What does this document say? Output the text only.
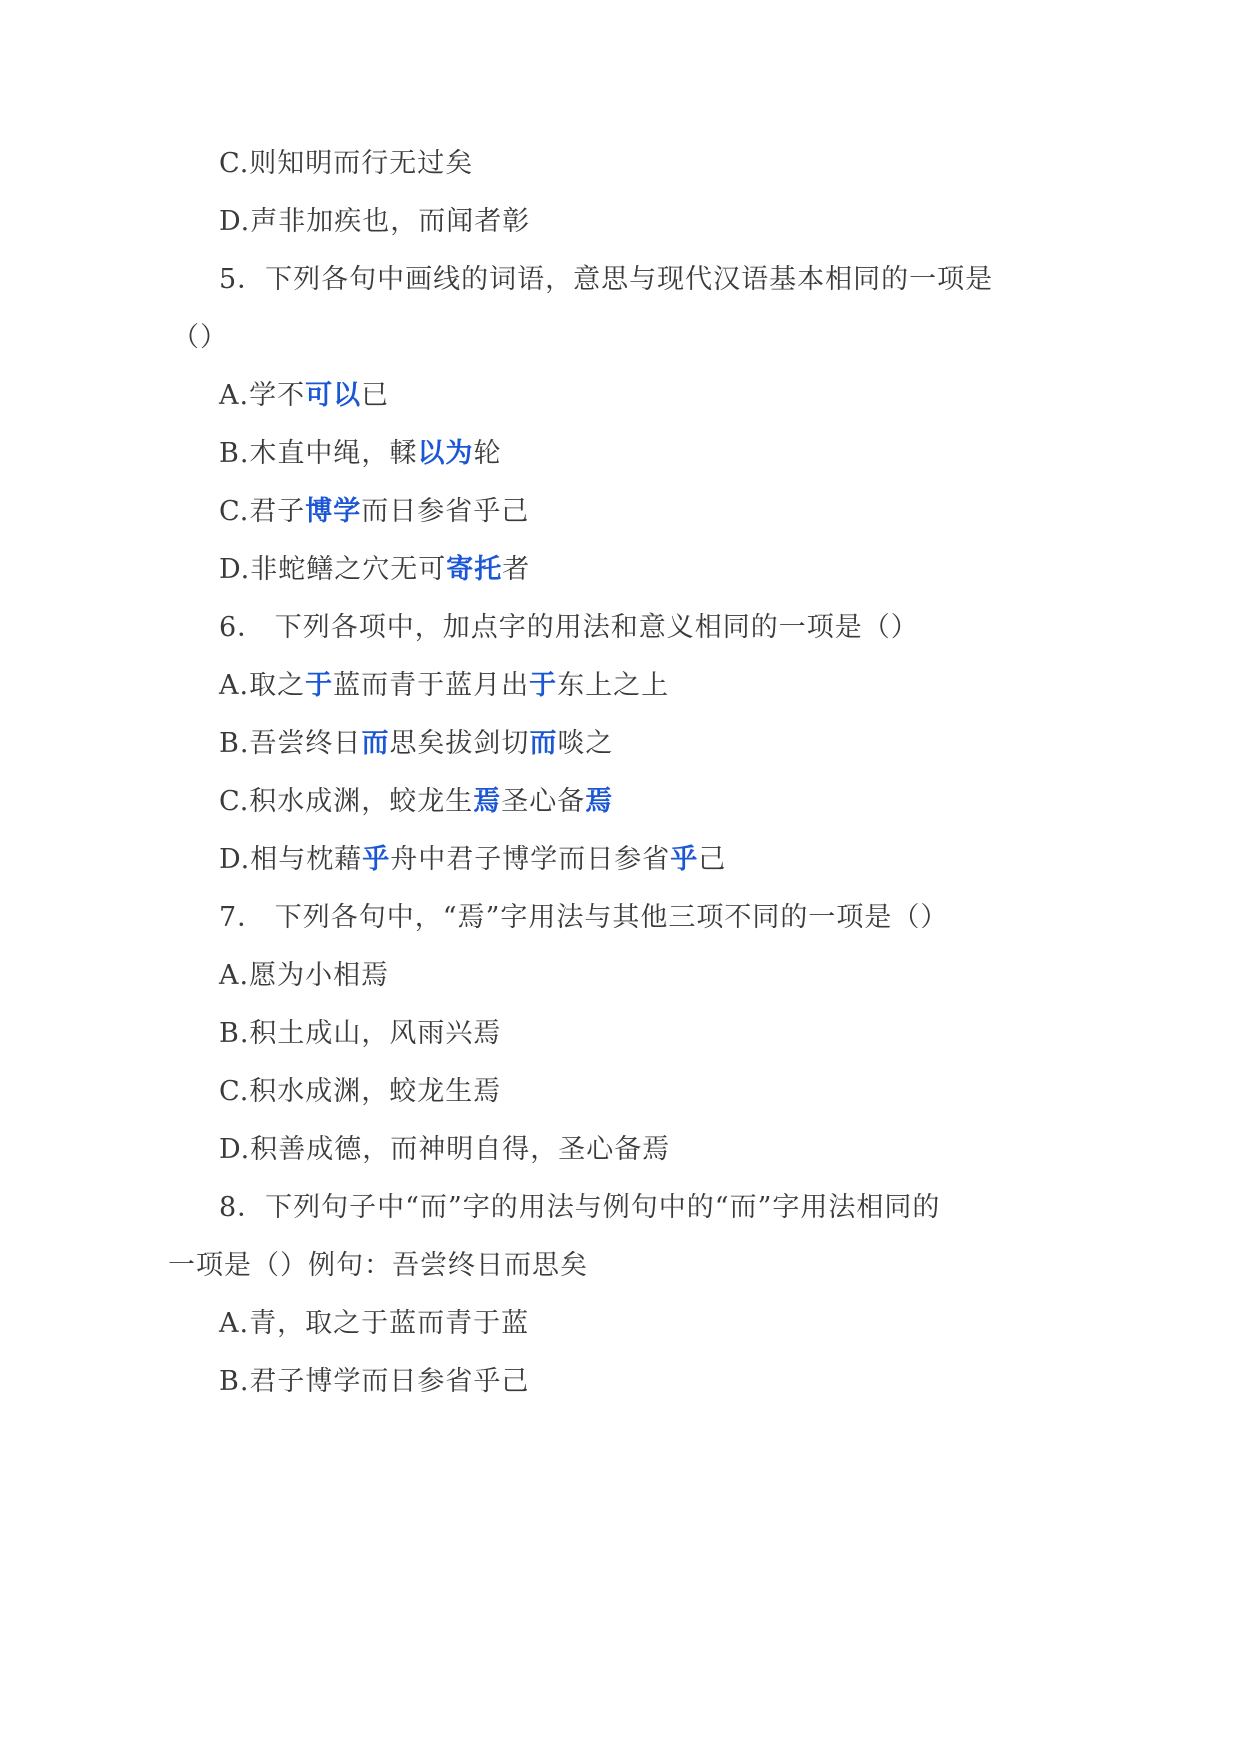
C.则知明而行无过矣
D.声非加疾也，而闻者彰
5．下列各句中画线的词语，意思与现代汉语基本相同的一项是
（）
A.学不可以已
B.木直中绳，輮以为轮
C.君子博学而日参省乎己
D.非蛇鳝之穴无可寄托者
6． 下列各项中，加点字的用法和意义相同的一项是（）
A.取之于蓝而青于蓝月出于东上之上
B.吾尝终日而思矣拔剑切而啖之
C.积水成渊，蛟龙生焉圣心备焉
D.相与枕藉乎舟中君子博学而日参省乎己
7． 下列各句中，“焉”字用法与其他三项不同的一项是（）
A.愿为小相焉
B.积土成山，风雨兴焉
C.积水成渊，蛟龙生焉
D.积善成德，而神明自得，圣心备焉
8．下列句子中“而”字的用法与例句中的“而”字用法相同的
一项是（）例句：吾尝终日而思矣
A.青，取之于蓝而青于蓝
B.君子博学而日参省乎己
